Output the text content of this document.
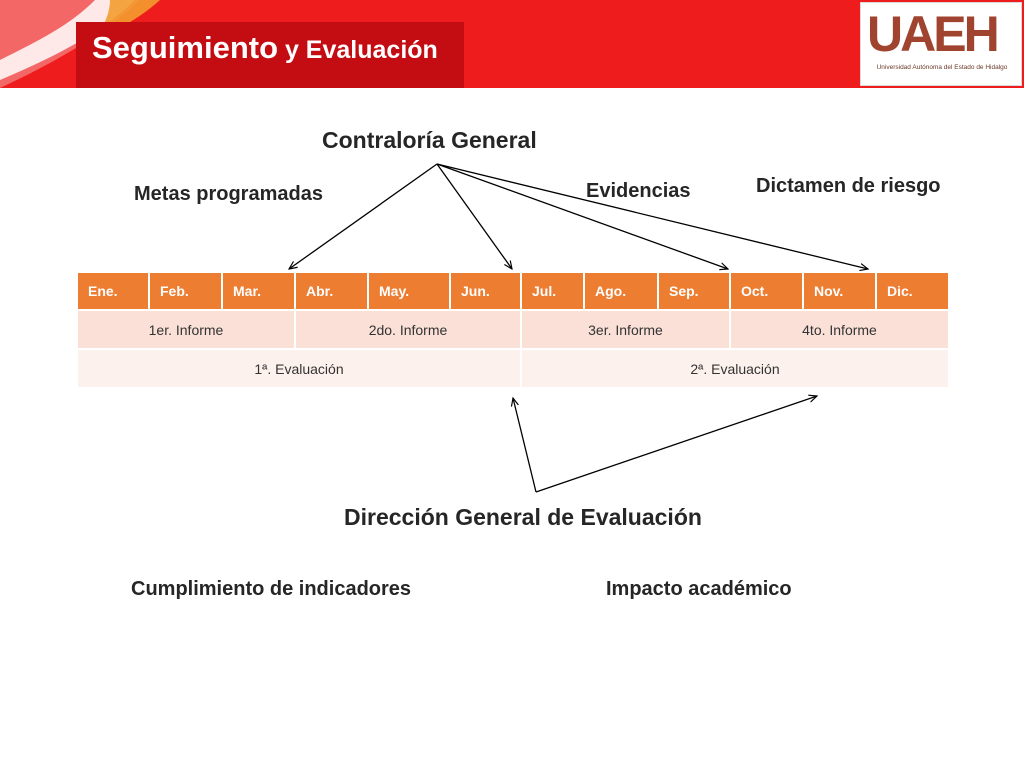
Seguimiento y Evaluación	UAEH
Universidad Autónoma del Estado de Hidalgo
Contraloría General
Metas programadas	Evidencias	Dictamen de riesgo
Ene.	Feb.	Mar.	Abr.	May.	Jun.	Jul.	Ago.	Sep.	Oct.	Nov.	Dic.
1er. Informe			2do. Informe			3er. Informe			4to. Informe		
1ª. Evaluación						2ª. Evaluación					
Dirección General de Evaluación
Cumplimiento de indicadores	Impacto académico
